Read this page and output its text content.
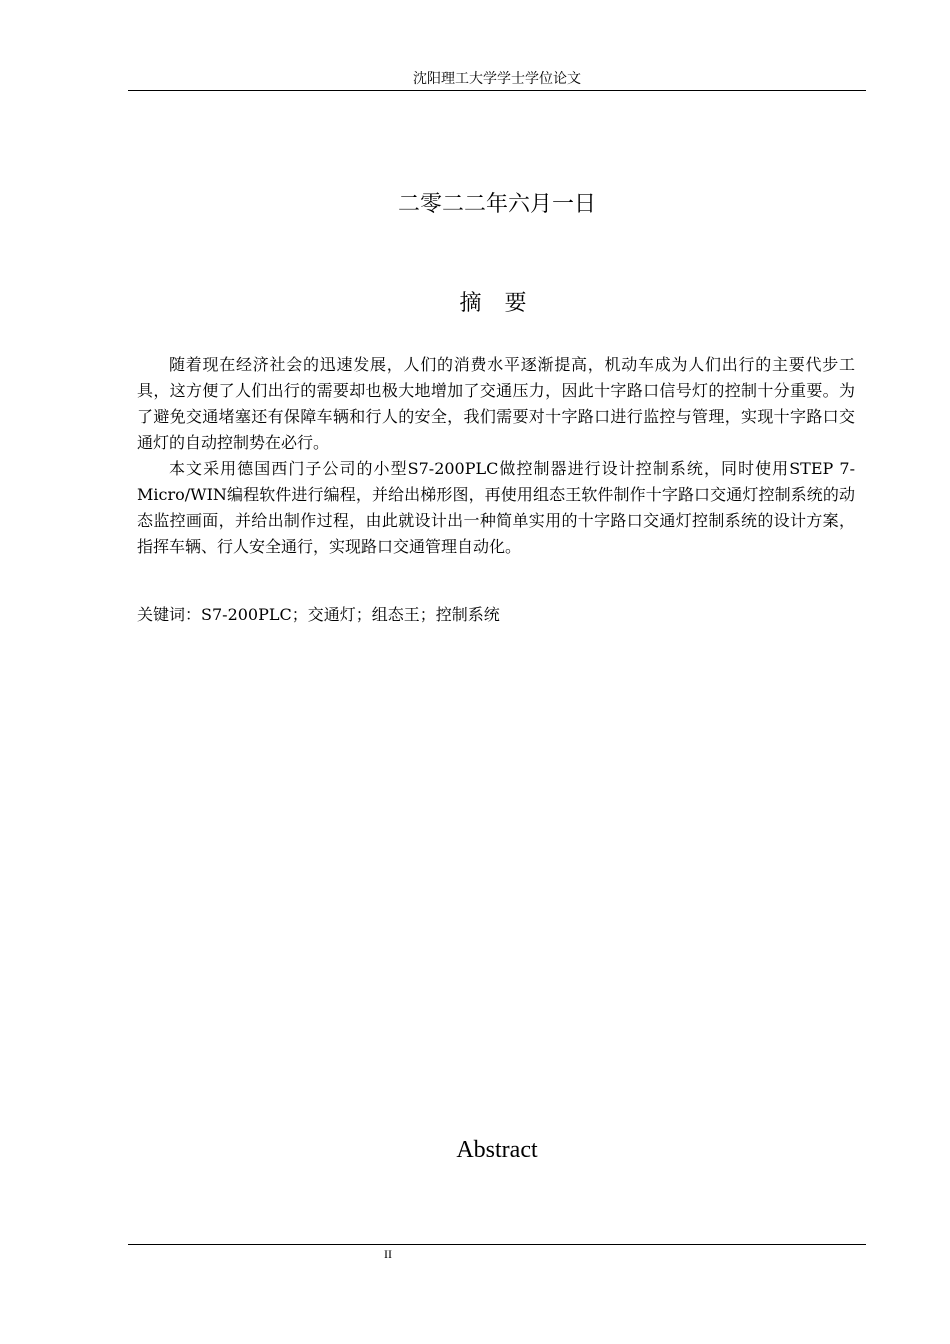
沈阳理工大学学士学位论文
二零二二年六月一日
摘 要

随着现在经济社会的迅速发展，人们的消费水平逐渐提高，机动车成为人们出行的主要代步工具，这方便了人们出行的需要却也极大地增加了交通压力，因此十字路口信号灯的控制十分重要。为了避免交通堵塞还有保障车辆和行人的安全，我们需要对十字路口进行监控与管理，实现十字路口交通灯的自动控制势在必行。

本文采用德国西门子公司的小型S7-200PLC做控制器进行设计控制系统，同时使用STEP 7-Micro/WIN编程软件进行编程，并给出梯形图，再使用组态王软件制作十字路口交通灯控制系统的动态监控画面，并给出制作过程，由此就设计出一种简单实用的十字路口交通灯控制系统的设计方案，指挥车辆、行人安全通行，实现路口交通管理自动化。

关键词：S7-200PLC；交通灯；组态王；控制系统
Abstract
II
